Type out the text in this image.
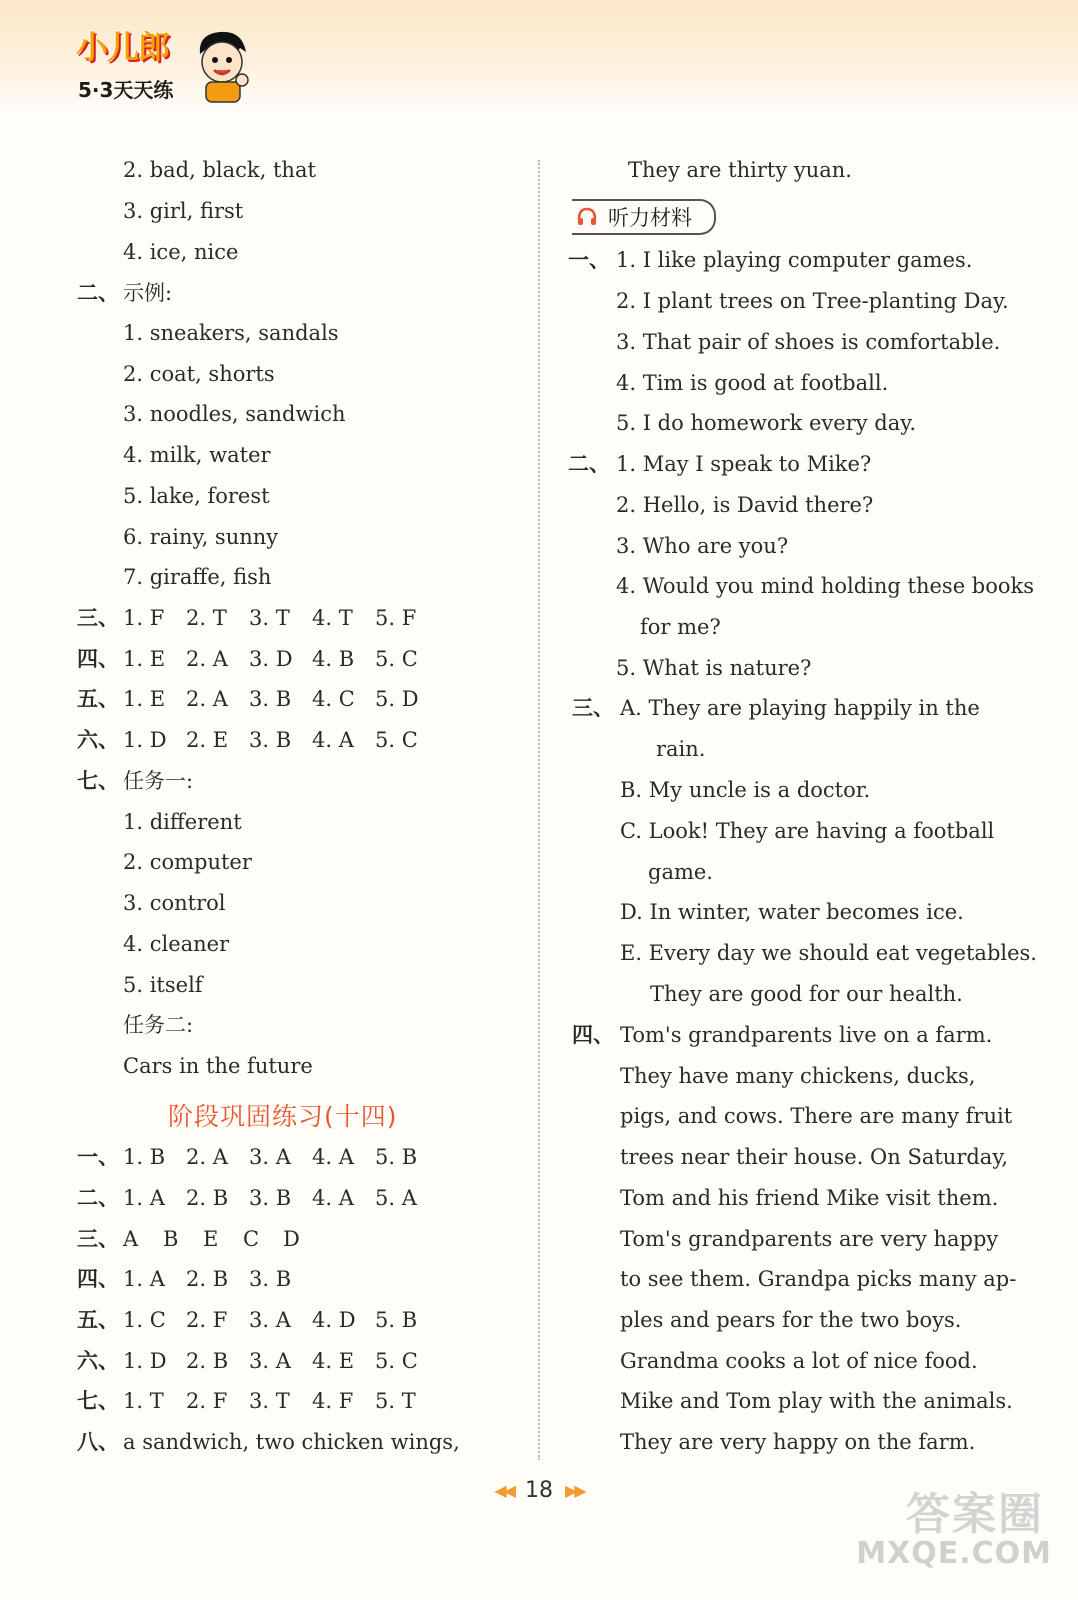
小儿郎
5·3天天练
2. bad, black, that
3. girl, first
4. ice, nice
二、 示例:
1. sneakers, sandals
2. coat, shorts
3. noodles, sandwich
4. milk, water
5. lake, forest
6. rainy, sunny
7. giraffe, fish
三、 1. F 2. T 3. T 4. T 5. F
四、 1. E 2. A 3. D 4. B 5. C
五、 1. E 2. A 3. B 4. C 5. D
六、 1. D 2. E 3. B 4. A 5. C
七、 任务一:
1. different
2. computer
3. control
4. cleaner
5. itself
任务二:
Cars in the future
一、 1. B 2. A 3. A 4. A 5. B
二、 1. A 2. B 3. B 4. A 5. A
三、 A B E C D
四、 1. A 2. B 3. B
五、 1. C 2. F 3. A 4. D 5. B
六、 1. D 2. B 3. A 4. E 5. C
七、 1. T 2. F 3. T 4. F 5. T
八、 a sandwich, two chicken wings,
阶段巩固练习(十四)
听力材料
They are thirty yuan.
一、 1. I like playing computer games.
2. I plant trees on Tree-planting Day.
3. That pair of shoes is comfortable.
4. Tim is good at football.
5. I do homework every day.
二、 1. May I speak to Mike?
2. Hello, is David there?
3. Who are you?
4. Would you mind holding these books
for me?
5. What is nature?
三、 A. They are playing happily in the
rain.
B. My uncle is a doctor.
C. Look! They are having a football
game.
D. In winter, water becomes ice.
E. Every day we should eat vegetables.
They are good for our health.
四、 Tom's grandparents live on a farm.
They have many chickens, ducks,
pigs, and cows. There are many fruit
trees near their house. On Saturday,
Tom and his friend Mike visit them.
Tom's grandparents are very happy
to see them. Grandpa picks many ap-
ples and pears for the two boys.
Grandma cooks a lot of nice food.
Mike and Tom play with the animals.
They are very happy on the farm.
◀◀ 18 ▶▶	答案圈
MXQE.COM
